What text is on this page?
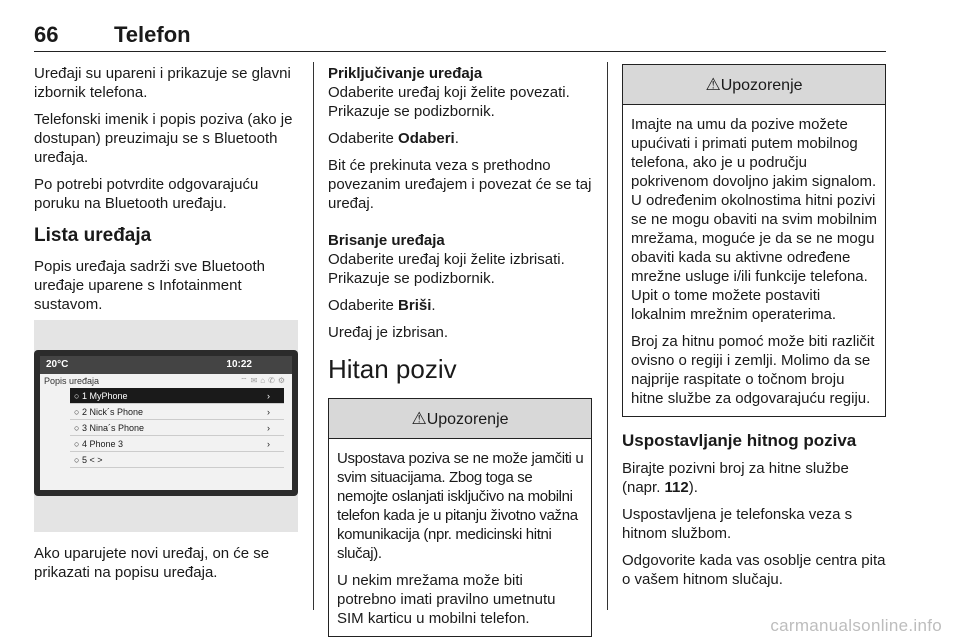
66	Telefon

Uređaji su upareni i prikazuje se glavni izbornik telefona.

Telefonski imenik i popis poziva (ako je dostupan) preuzimaju se s Bluetooth uređaja.

Po potrebi potvrdite odgovarajuću poruku na Bluetooth uređaju.

Lista uređaja

Popis uređaja sadrži sve Bluetooth uređaje uparene s Infotainment sustavom.

20°C	10:22
Popis uređaja	⌔✉⌂✆⚙
○ 1 MyPhone	›
○ 2 Nick´s Phone	›
○ 3 Nina´s Phone	›
○ 4 Phone 3	›
○ 5 < >

Ako uparujete novi uređaj, on će se prikazati na popisu uređaja.

Priključivanje uređaja

Odaberite uređaj koji želite povezati. Prikazuje se podizbornik.

Odaberite Odaberi.

Bit će prekinuta veza s prethodno povezanim uređajem i povezat će se taj uređaj.

Brisanje uređaja

Odaberite uređaj koji želite izbrisati. Prikazuje se podizbornik.

Odaberite Briši.

Uređaj je izbrisan.

Hitan poziv
⚠Upozorenje

Uspostava poziva se ne može jamčiti u svim situacijama. Zbog toga se nemojte oslanjati isključivo na mobilni telefon kada je u pitanju životno važna komunikacija (npr. medicinski hitni slučaj).

U nekim mrežama može biti potrebno imati pravilno umetnutu SIM karticu u mobilni telefon.

⚠Upozorenje

Imajte na umu da pozive možete upućivati i primati putem mobilnog telefona, ako je u području pokrivenom dovoljno jakim signalom. U određenim okolnostima hitni pozivi se ne mogu obaviti na svim mobilnim mrežama, moguće je da se ne mogu obaviti kada su aktivne određene mrežne usluge i/ili funkcije telefona. Upit o tome možete postaviti lokalnim mrežnim operaterima.

Broj za hitnu pomoć može biti različit ovisno o regiji i zemlji. Molimo da se najprije raspitate o točnom broju hitne službe za odgovarajuću regiju.

Uspostavljanje hitnog poziva

Birajte pozivni broj za hitne službe (napr. 112).

Uspostavljena je telefonska veza s hitnom službom.

Odgovorite kada vas osoblje centra pita o vašem hitnom slučaju.

carmanualsonline.info
